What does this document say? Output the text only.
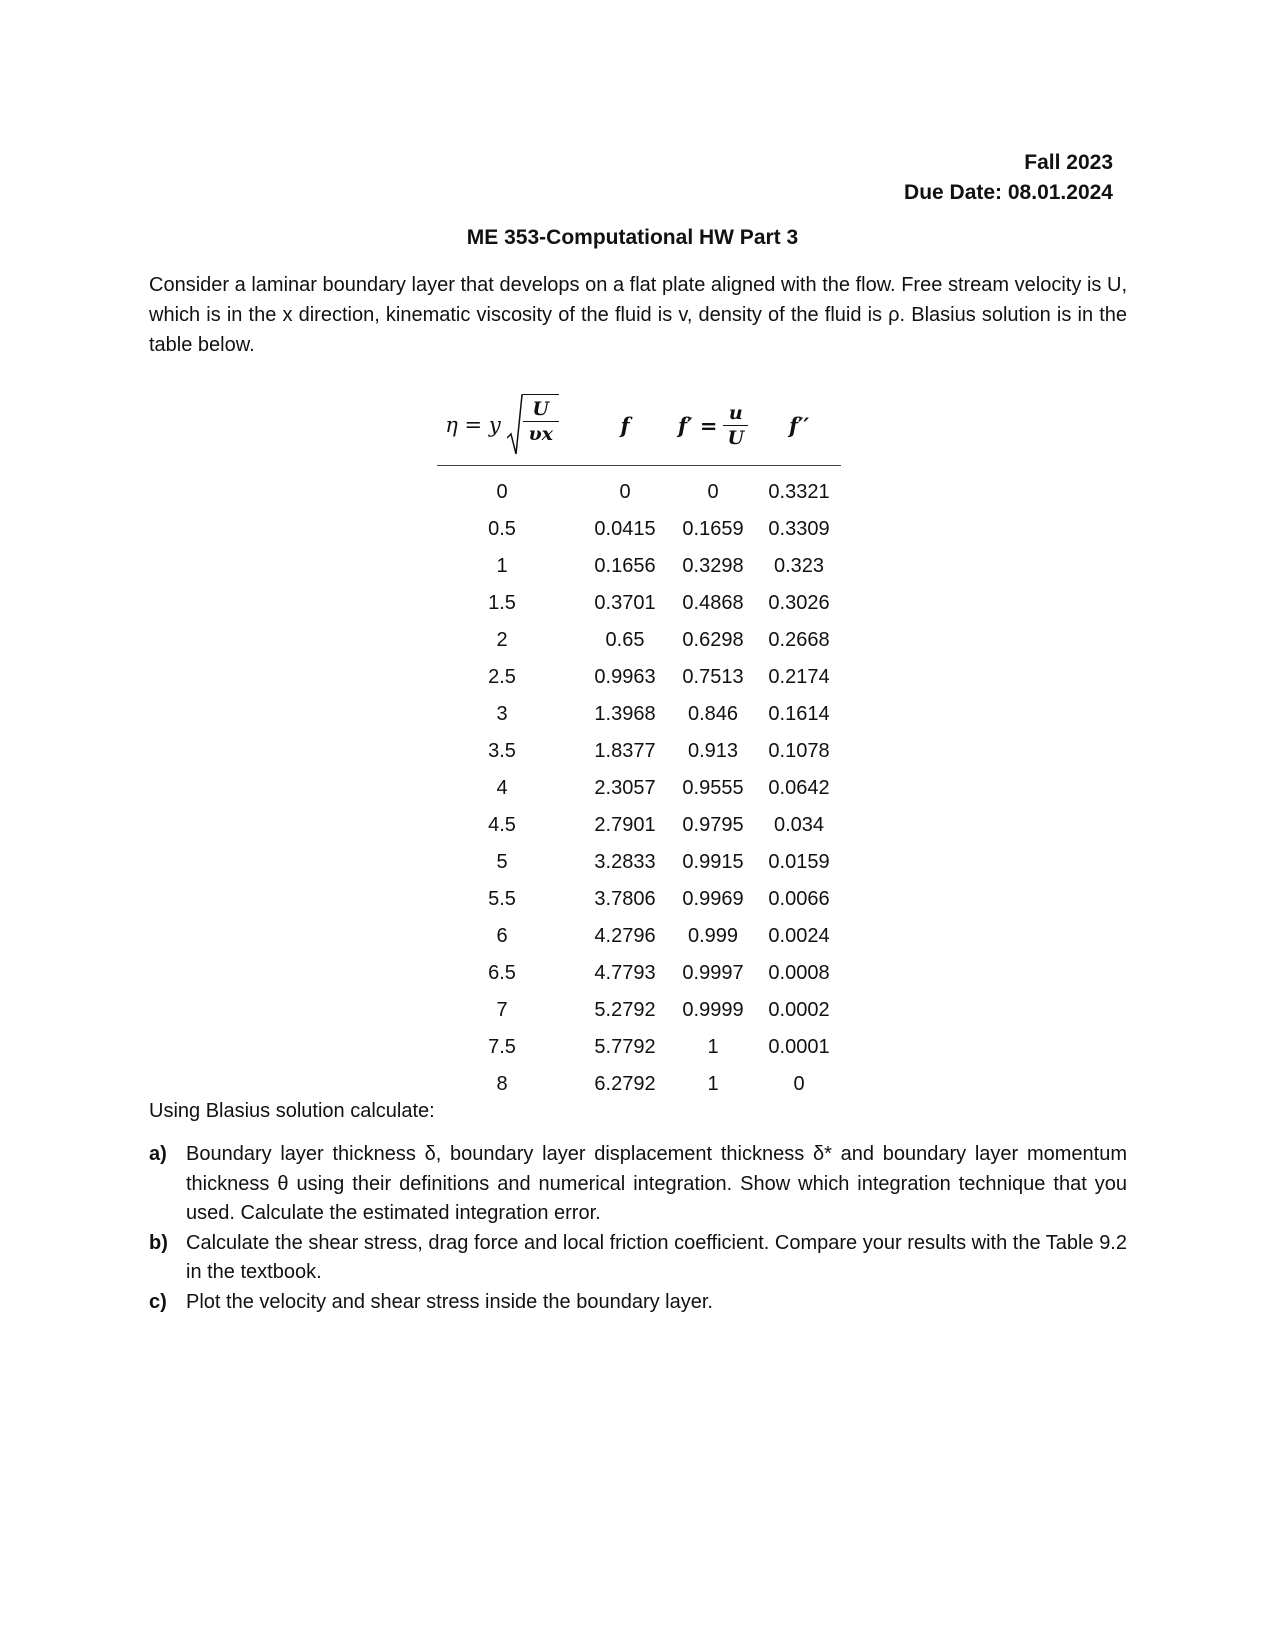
Fall 2023
Due Date: 08.01.2024
ME 353-Computational HW Part 3

Consider a laminar boundary layer that develops on a flat plate aligned with the flow. Free stream velocity is U, which is in the x direction, kinematic viscosity of the fluid is v, density of the fluid is ρ. Blasius solution is in the table below.

η = y $\frac{U}{\upsilon x}$	f	$f' = \frac{u}{U}$	f′′
0	0	0	0.3321
0.5	0.0415	0.1659	0.3309
1	0.1656	0.3298	0.323
1.5	0.3701	0.4868	0.3026
2	0.65	0.6298	0.2668
2.5	0.9963	0.7513	0.2174
3	1.3968	0.846	0.1614
3.5	1.8377	0.913	0.1078
4	2.3057	0.9555	0.0642
4.5	2.7901	0.9795	0.034
5	3.2833	0.9915	0.0159
5.5	3.7806	0.9969	0.0066
6	4.2796	0.999	0.0024
6.5	4.7793	0.9997	0.0008
7	5.2792	0.9999	0.0002
7.5	5.7792	1	0.0001
8	6.2792	1	0
Using Blasius solution calculate:
a) Boundary layer thickness δ, boundary layer displacement thickness δ* and boundary layer momentum thickness θ using their definitions and numerical integration. Show which integration technique that you used. Calculate the estimated integration error.
b) Calculate the shear stress, drag force and local friction coefficient. Compare your results with the Table 9.2 in the textbook.
c) Plot the velocity and shear stress inside the boundary layer.
